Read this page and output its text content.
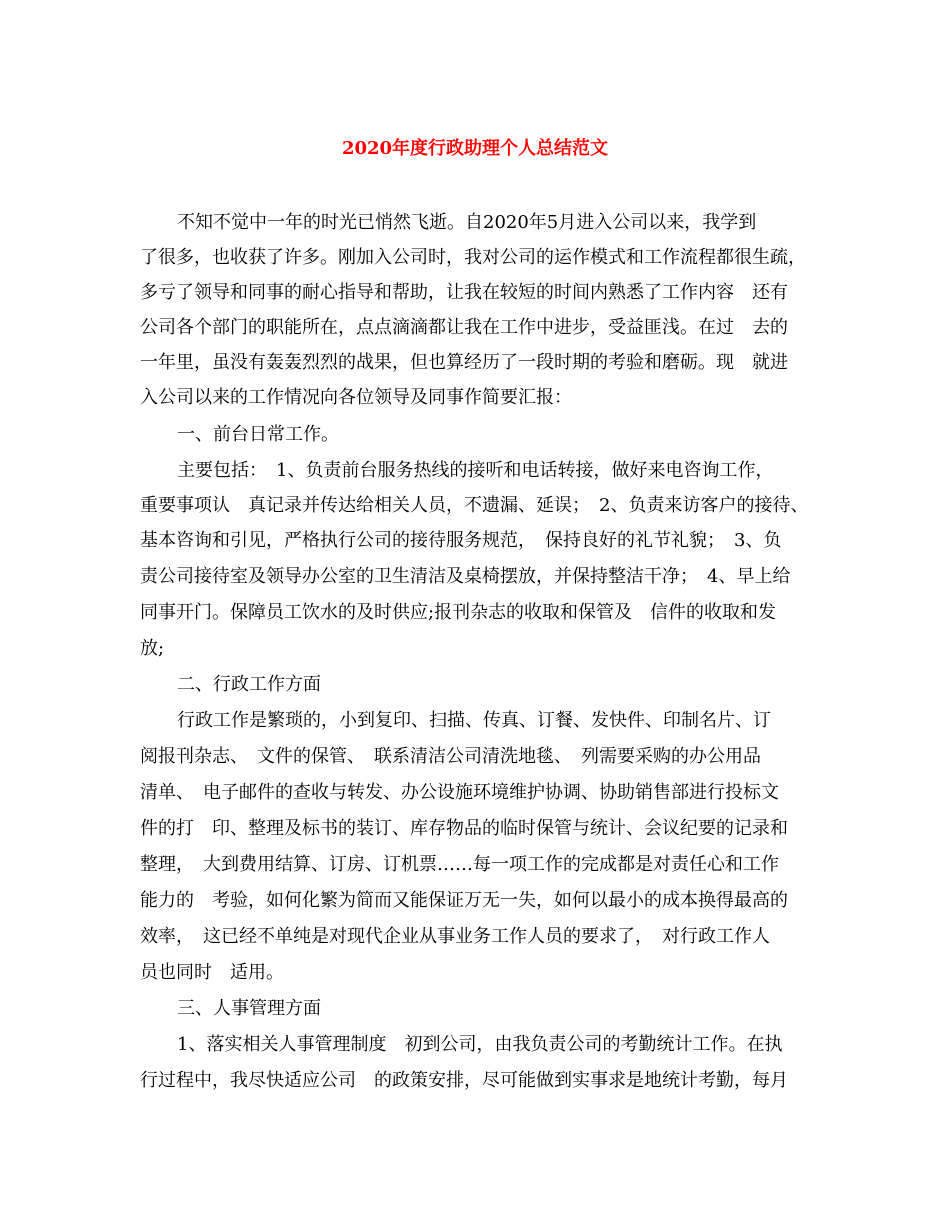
2020年度行政助理个人总结范文
不知不觉中一年的时光已悄然飞逝。自2020年5月进入公司以来，我学到
了很多，也收获了许多。刚加入公司时，我对公司的运作模式和工作流程都很生疏，
多亏了领导和同事的耐心指导和帮助，让我在较短的时间内熟悉了工作内容　还有
公司各个部门的职能所在，点点滴滴都让我在工作中进步，受益匪浅。在过　去的
一年里，虽没有轰轰烈烈的战果，但也算经历了一段时期的考验和磨砺。现　就进
入公司以来的工作情况向各位领导及同事作简要汇报：
一、前台日常工作。
主要包括：　1、负责前台服务热线的接听和电话转接，做好来电咨询工作，
重要事项认　真记录并传达给相关人员，不遗漏、延误；　2、负责来访客户的接待、
基本咨询和引见，严格执行公司的接待服务规范，　保持良好的礼节礼貌；　3、负
责公司接待室及领导办公室的卫生清洁及桌椅摆放，并保持整洁干净；　4、早上给
同事开门。保障员工饮水的及时供应;报刊杂志的收取和保管及　信件的收取和发
放;
二、行政工作方面
行政工作是繁琐的，小到复印、扫描、传真、订餐、发快件、印制名片、订
阅报刊杂志、　文件的保管、　联系清洁公司清洗地毯、　列需要采购的办公用品
清单、　电子邮件的查收与转发、办公设施环境维护协调、协助销售部进行投标文
件的打　印、整理及标书的装订、库存物品的临时保管与统计、会议纪要的记录和
整理，　大到费用结算、订房、订机票……每一项工作的完成都是对责任心和工作
能力的　考验，如何化繁为简而又能保证万无一失，如何以最小的成本换得最高的
效率，　这已经不单纯是对现代企业从事业务工作人员的要求了，　对行政工作人
员也同时　适用。
三、人事管理方面
1、落实相关人事管理制度　初到公司，由我负责公司的考勤统计工作。在执
行过程中，我尽快适应公司　的政策安排，尽可能做到实事求是地统计考勤，每月
